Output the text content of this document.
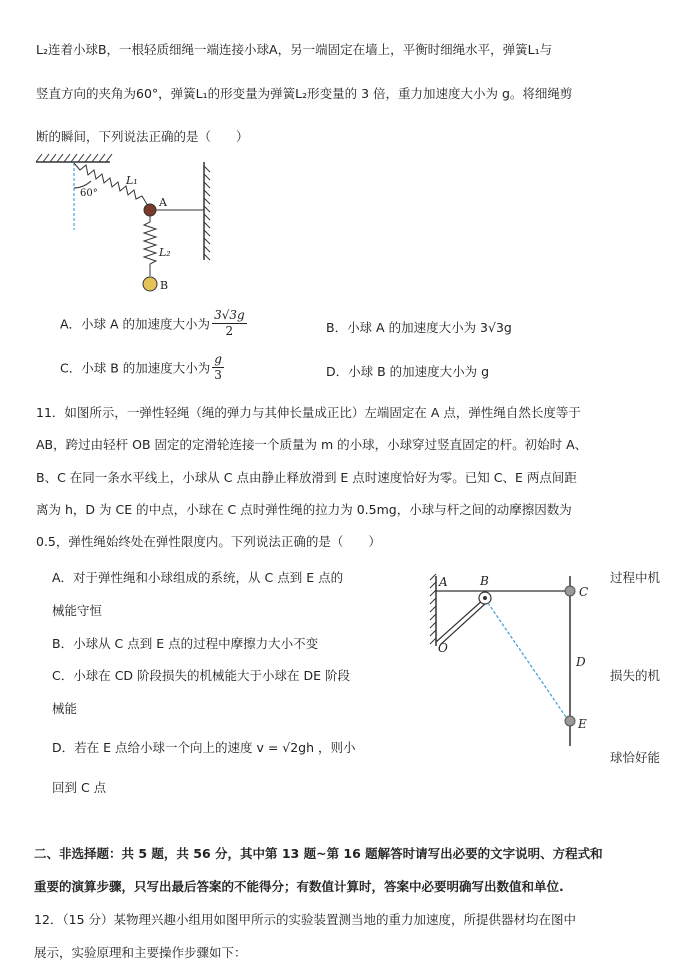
L₂连着小球B，一根轻质细绳一端连接小球A，另一端固定在墙上，平衡时细绳水平，弹簧L₁与
竖直方向的夹角为60°，弹簧L₁的形变量为弹簧L₂形变量的 3 倍，重力加速度大小为 g。将细绳剪
断的瞬间，下列说法正确的是（　　）
60°
L₁
A
L₂
B
A．小球 A 的加速度大小为 $\frac{3√3g}{2}$	B．小球 A 的加速度大小为 3√3g
C．小球 B 的加速度大小为 $\frac{g}{3}$	D．小球 B 的加速度大小为 g
11．如图所示，一弹性轻绳（绳的弹力与其伸长量成正比）左端固定在 A 点，弹性绳自然长度等于
AB，跨过由轻杆 OB 固定的定滑轮连接一个质量为 m 的小球，小球穿过竖直固定的杆。初始时 A、
B、C 在同一条水平线上，小球从 C 点由静止释放滑到 E 点时速度恰好为零。已知 C、E 两点间距
离为 h，D 为 CE 的中点，小球在 C 点时弹性绳的拉力为 0.5mg，小球与杆之间的动摩擦因数为
0.5，弹性绳始终处在弹性限度内。下列说法正确的是（　　）
A．对于弹性绳和小球组成的系统，从 C 点到 E 点的	过程中机
械能守恒
B．小球从 C 点到 E 点的过程中摩擦力大小不变
C．小球在 CD 阶段损失的机械能大于小球在 DE 阶段	损失的机
械能
D．若在 E 点给小球一个向上的速度 v = √2gh ，则小
球恰好能
回到 C 点
A
O
B
C
D
E
二、非选择题：共 5 题，共 56 分，其中第 13 题~第 16 题解答时请写出必要的文字说明、方程式和
重要的演算步骤，只写出最后答案的不能得分；有数值计算时，答案中必要明确写出数值和单位.
12．（15 分）某物理兴趣小组用如图甲所示的实验装置测当地的重力加速度，所提供器材均在图中
展示，实验原理和主要操作步骤如下：
